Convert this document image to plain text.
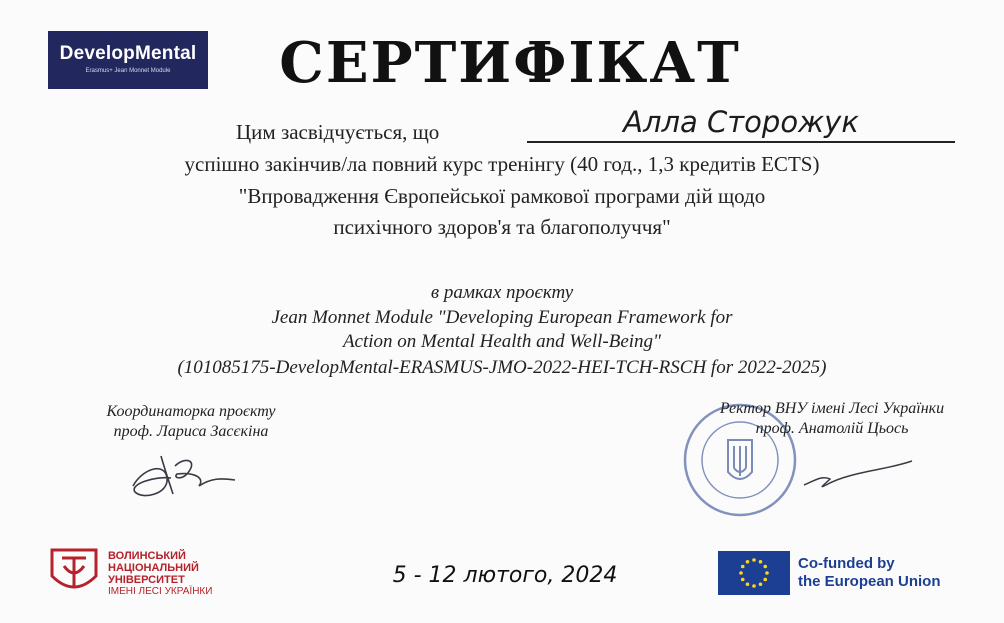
DevelopMental
Erasmus+ Jean Monnet Module	СЕРТИФІКАТ
Цим засвідчується, що	Алла Сторожук
успішно закінчив/ла повний курс тренінгу (40 год., 1,3 кредитів ECTS)
"Впровадження Європейської рамкової програми дій щодо
психічного здоров'я та благополуччя"
в рамках проєкту
Jean Monnet Module "Developing European Framework for
Action on Mental Health and Well-Being"
(101085175-DevelopMental-ERASMUS-JMO-2022-HEI-TCH-RSCH for 2022-2025)
Координаторка проєкту
проф. Лариса Засєкіна
Ректор ВНУ імені Лесі Українки
проф. Анатолій Цьось
ВОЛИНСЬКИЙ
НАЦІОНАЛЬНИЙ
УНІВЕРСИТЕТ
ІМЕНІ ЛЕСІ УКРАЇНКИ
5 - 12 лютого, 2024	Co-funded by
the European Union
